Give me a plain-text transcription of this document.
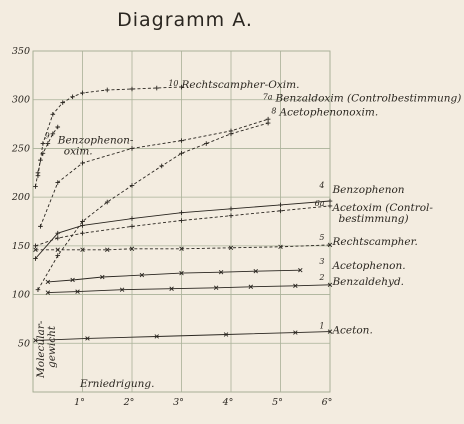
Diagramm A.
1°	2°	3°	4°	5°	6°
50
100
150
200
250
300
350
Rechtscampher-Oxim.
10
Benzaldoxim (Controlbestimmung)
7a
Acetophenonoxim.
8
Benzophenon-oxim.
9
Benzophenon
4
Acetoxim (Control-bestimmung)
6a
Rechtscampher.
5
Acetophenon.
3
Benzaldehyd.
2
Aceton.
1
Molecular- gewicht
Erniedrigung.
